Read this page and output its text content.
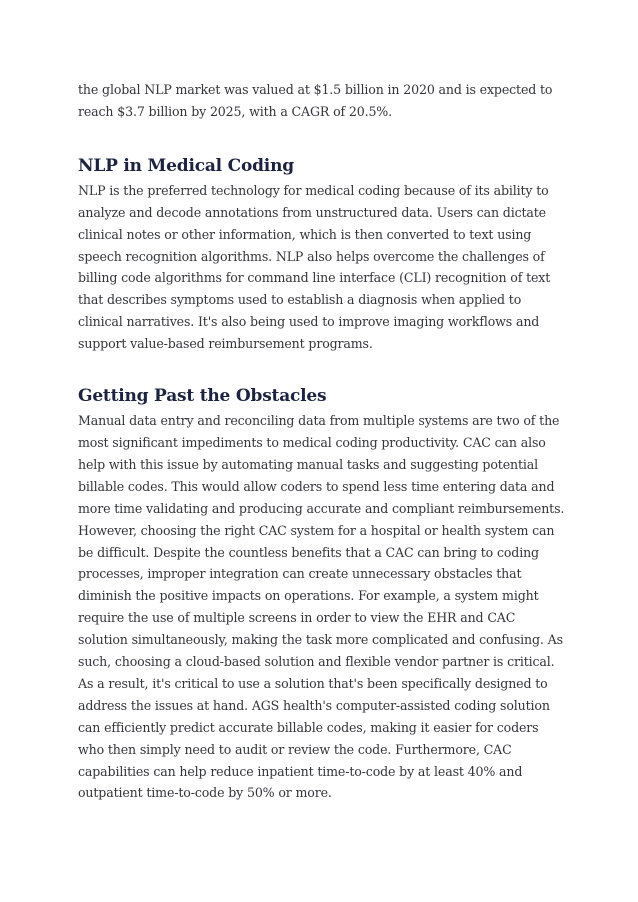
the global NLP market was valued at $1.5 billion in 2020 and is expected to reach $3.7 billion by 2025, with a CAGR of 20.5%.

NLP in Medical Coding

NLP is the preferred technology for medical coding because of its ability to analyze and decode annotations from unstructured data. Users can dictate clinical notes or other information, which is then converted to text using speech recognition algorithms. NLP also helps overcome the challenges of billing code algorithms for command line interface (CLI) recognition of text that describes symptoms used to establish a diagnosis when applied to clinical narratives. It's also being used to improve imaging workflows and support value-based reimbursement programs.

Getting Past the Obstacles

Manual data entry and reconciling data from multiple systems are two of the most significant impediments to medical coding productivity. CAC can also help with this issue by automating manual tasks and suggesting potential billable codes. This would allow coders to spend less time entering data and more time validating and producing accurate and compliant reimbursements. However, choosing the right CAC system for a hospital or health system can be difficult. Despite the countless benefits that a CAC can bring to coding processes, improper integration can create unnecessary obstacles that diminish the positive impacts on operations. For example, a system might require the use of multiple screens in order to view the EHR and CAC solution simultaneously, making the task more complicated and confusing. As such, choosing a cloud-based solution and flexible vendor partner is critical.

As a result, it's critical to use a solution that's been specifically designed to address the issues at hand. AGS health's computer-assisted coding solution can efficiently predict accurate billable codes, making it easier for coders who then simply need to audit or review the code. Furthermore, CAC capabilities can help reduce inpatient time-to-code by at least 40% and outpatient time-to-code by 50% or more.
